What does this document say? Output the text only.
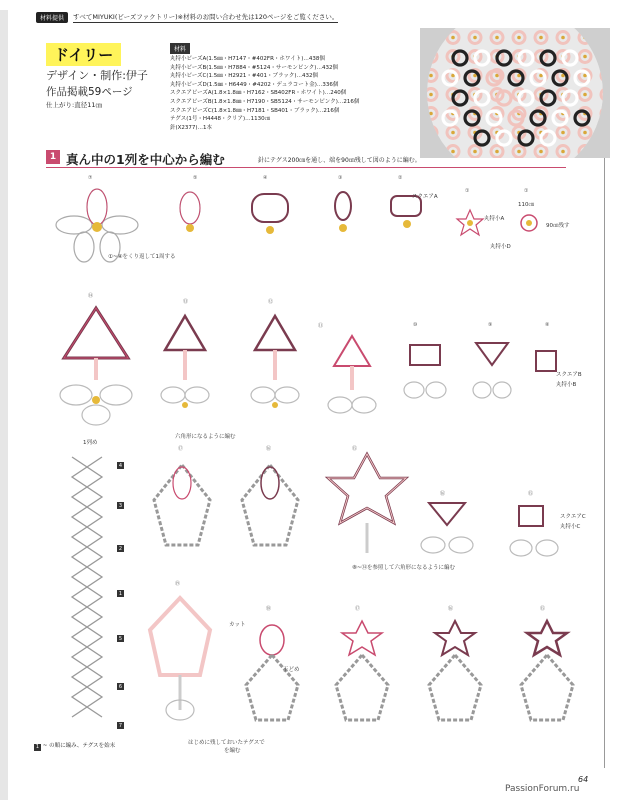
材料提供	すべてMIYUKI(ビーズファクトリー)※材料のお問い合わせ先は120ページをご覧ください。
ドイリー
デザイン・制作:伊子
作品掲載59ページ
仕上がり:直径11㎝
材料
丸特小ビーズA(1.5㎜・H7147・#402FR・ホワイト)…438個
丸特小ビーズB(1.5㎜・H7884・#5124・サーモンピンク)…432個
丸特小ビーズC(1.5㎜・H2921・#401・ブラック)…432個
丸特小ビーズD(1.5㎜・H6449・#4202・デュラコート金)…336個
スクエアビーズA(1.8×1.8㎜・H7162・SB402FR・ホワイト)…240個
スクエアビーズB(1.8×1.8㎜・H7190・SB5124・サーモンピンク)…216個
スクエアビーズC(1.8×1.8㎜・H7181・SB401・ブラック)…216個
テグス(1号・H4448・クリア)…1130㎝
針(X2377)…1本
1 真ん中の1列を中心から編む	針にテグス200㎝を通し、端を90㎝残して図のように編む。
⑦
①~④をくり返して1周する
⑤	④	③	②
スクエアA
①
丸特小A
①
110㎝
90㎝残す
丸特小D
⑭
⑬	⑫
⑪	⑩	⑨	⑧
スクエアB
丸特小B
六角形になるように編む
1列め
4
3
2
1
5
6
7
⑰	⑯	⑮
⑯	⑮
スクエアC
丸特小C
⑧~⑭を参照して六角形になるように編む
⑲
⑱
カット
玉どめ
はじめに残しておいたテグスで
を編む
⑰	⑯	⑮
1 ~ の順に編み、テグスを始末
64
PassionForum.ru
